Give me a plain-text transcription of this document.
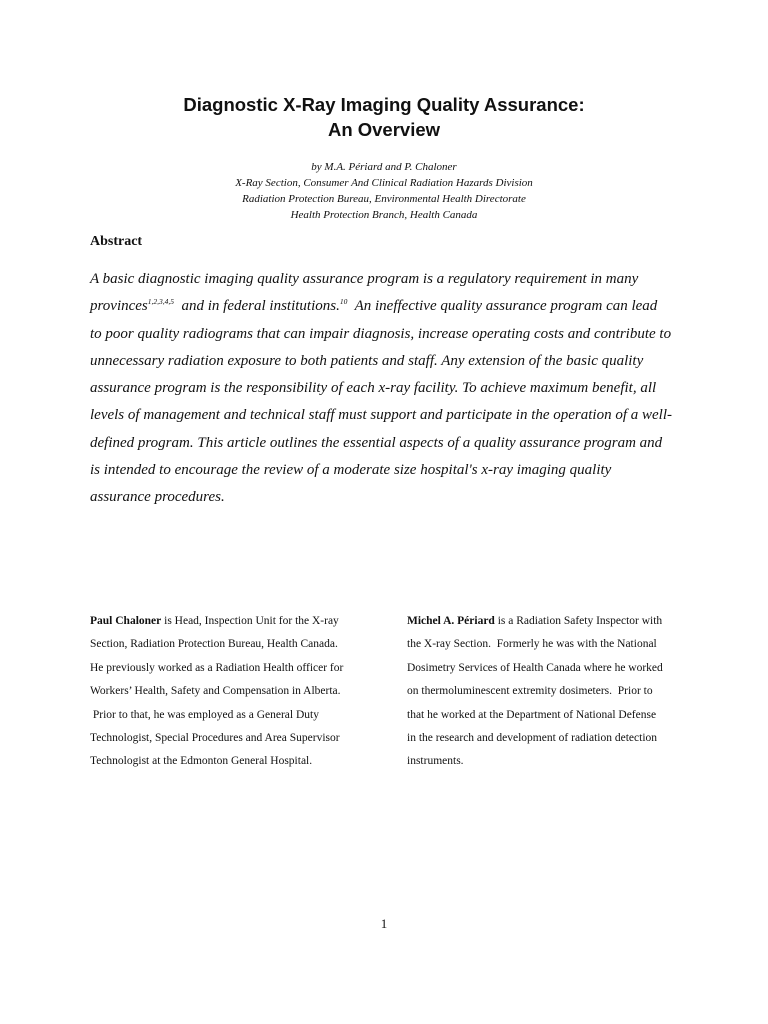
Diagnostic X-Ray Imaging Quality Assurance:
An Overview
by M.A. Périard and P. Chaloner
X-Ray Section, Consumer And Clinical Radiation Hazards Division
Radiation Protection Bureau, Environmental Health Directorate
Health Protection Branch, Health Canada
Abstract

A basic diagnostic imaging quality assurance program is a regulatory requirement in many
provinces$^{1,2,3,4,5}$  and in federal institutions.$^{10}$  An ineffective quality assurance program can lead
to poor quality radiograms that can impair diagnosis, increase operating costs and contribute to
unnecessary radiation exposure to both patients and staff. Any extension of the basic quality
assurance program is the responsibility of each x-ray facility. To achieve maximum benefit, all
levels of management and technical staff must support and participate in the operation of a well-
defined program. This article outlines the essential aspects of a quality assurance program and
is intended to encourage the review of a moderate size hospital's x-ray imaging quality
assurance procedures.

Paul Chaloner is Head, Inspection Unit for the X-ray
Section, Radiation Protection Bureau, Health Canada.
He previously worked as a Radiation Health officer for
Workers’ Health, Safety and Compensation in Alberta.
Prior to that, he was employed as a General Duty
Technologist, Special Procedures and Area Supervisor
Technologist at the Edmonton General Hospital.
Michel A. Périard is a Radiation Safety Inspector with
the X-ray Section.  Formerly he was with the National
Dosimetry Services of Health Canada where he worked
on thermoluminescent extremity dosimeters.  Prior to
that he worked at the Department of National Defense
in the research and development of radiation detection
instruments.
1
